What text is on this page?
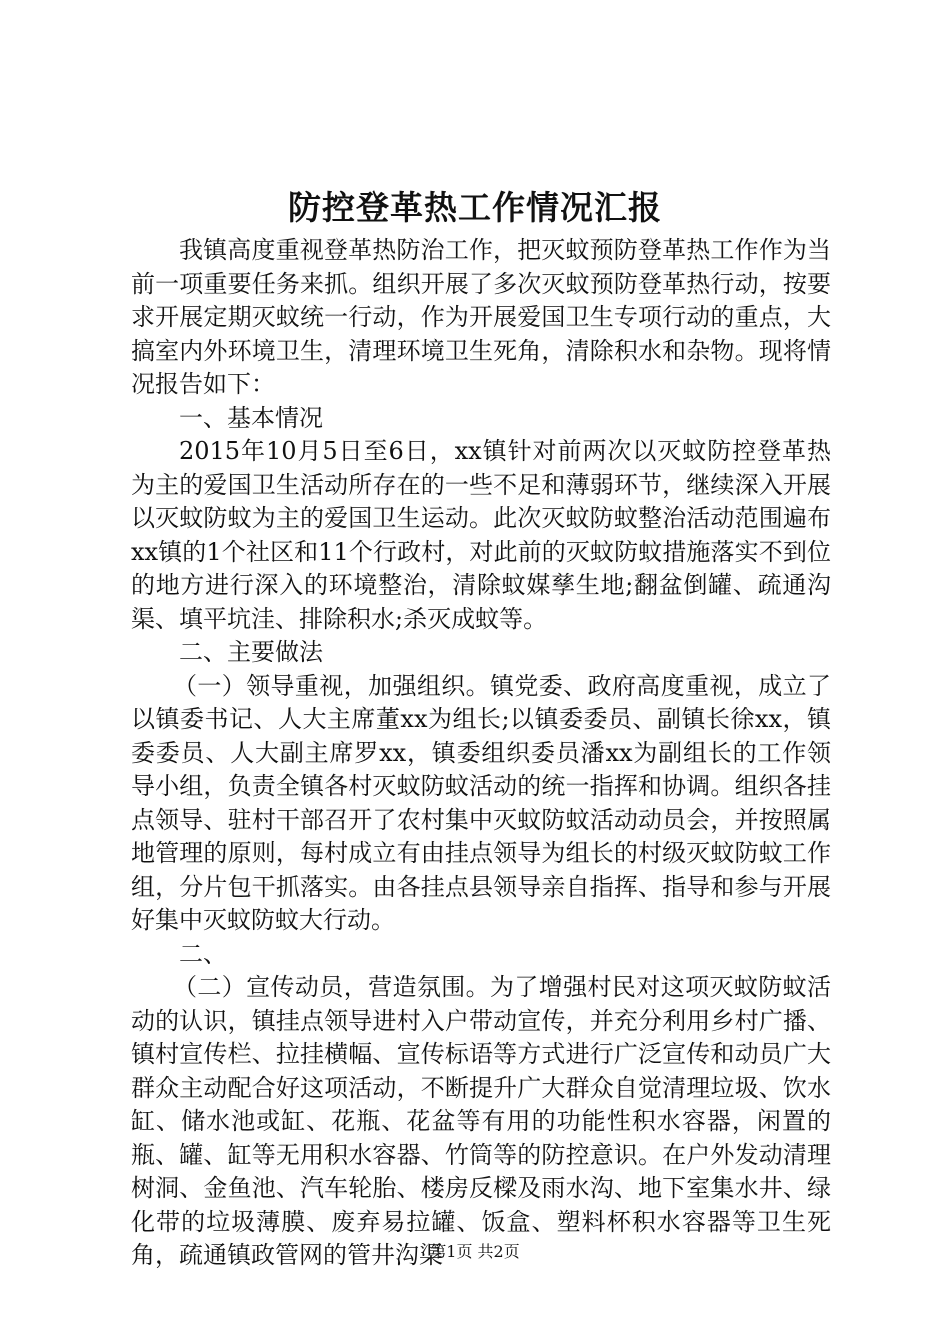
防控登革热工作情况汇报

我镇高度重视登革热防治工作，把灭蚊预防登革热工作作为当前一项重要任务来抓。组织开展了多次灭蚊预防登革热行动，按要求开展定期灭蚊统一行动，作为开展爱国卫生专项行动的重点，大搞室内外环境卫生，清理环境卫生死角，清除积水和杂物。现将情况报告如下：

一、基本情况

2015年10月5日至6日，xx镇针对前两次以灭蚊防控登革热为主的爱国卫生活动所存在的一些不足和薄弱环节，继续深入开展以灭蚊防蚊为主的爱国卫生运动。此次灭蚊防蚊整治活动范围遍布xx镇的1个社区和11个行政村，对此前的灭蚊防蚊措施落实不到位的地方进行深入的环境整治，清除蚊媒孳生地;翻盆倒罐、疏通沟渠、填平坑洼、排除积水;杀灭成蚊等。

二、主要做法

（一）领导重视，加强组织。镇党委、政府高度重视，成立了以镇委书记、人大主席董xx为组长;以镇委委员、副镇长徐xx，镇委委员、人大副主席罗xx，镇委组织委员潘xx为副组长的工作领导小组，负责全镇各村灭蚊防蚊活动的统一指挥和协调。组织各挂点领导、驻村干部召开了农村集中灭蚊防蚊活动动员会，并按照属地管理的原则，每村成立有由挂点领导为组长的村级灭蚊防蚊工作组，分片包干抓落实。由各挂点县领导亲自指挥、指导和参与开展好集中灭蚊防蚊大行动。

二、

（二）宣传动员，营造氛围。为了增强村民对这项灭蚊防蚊活动的认识，镇挂点领导进村入户带动宣传，并充分利用乡村广播、镇村宣传栏、拉挂横幅、宣传标语等方式进行广泛宣传和动员广大群众主动配合好这项活动，不断提升广大群众自觉清理垃圾、饮水缸、储水池或缸、花瓶、花盆等有用的功能性积水容器，闲置的瓶、罐、缸等无用积水容器、竹筒等的防控意识。在户外发动清理树洞、金鱼池、汽车轮胎、楼房反樑及雨水沟、地下室集水井、绿化带的垃圾薄膜、废弃易拉罐、饭盒、塑料杯积水容器等卫生死角，疏通镇政管网的管井沟渠

第1页 共2页
